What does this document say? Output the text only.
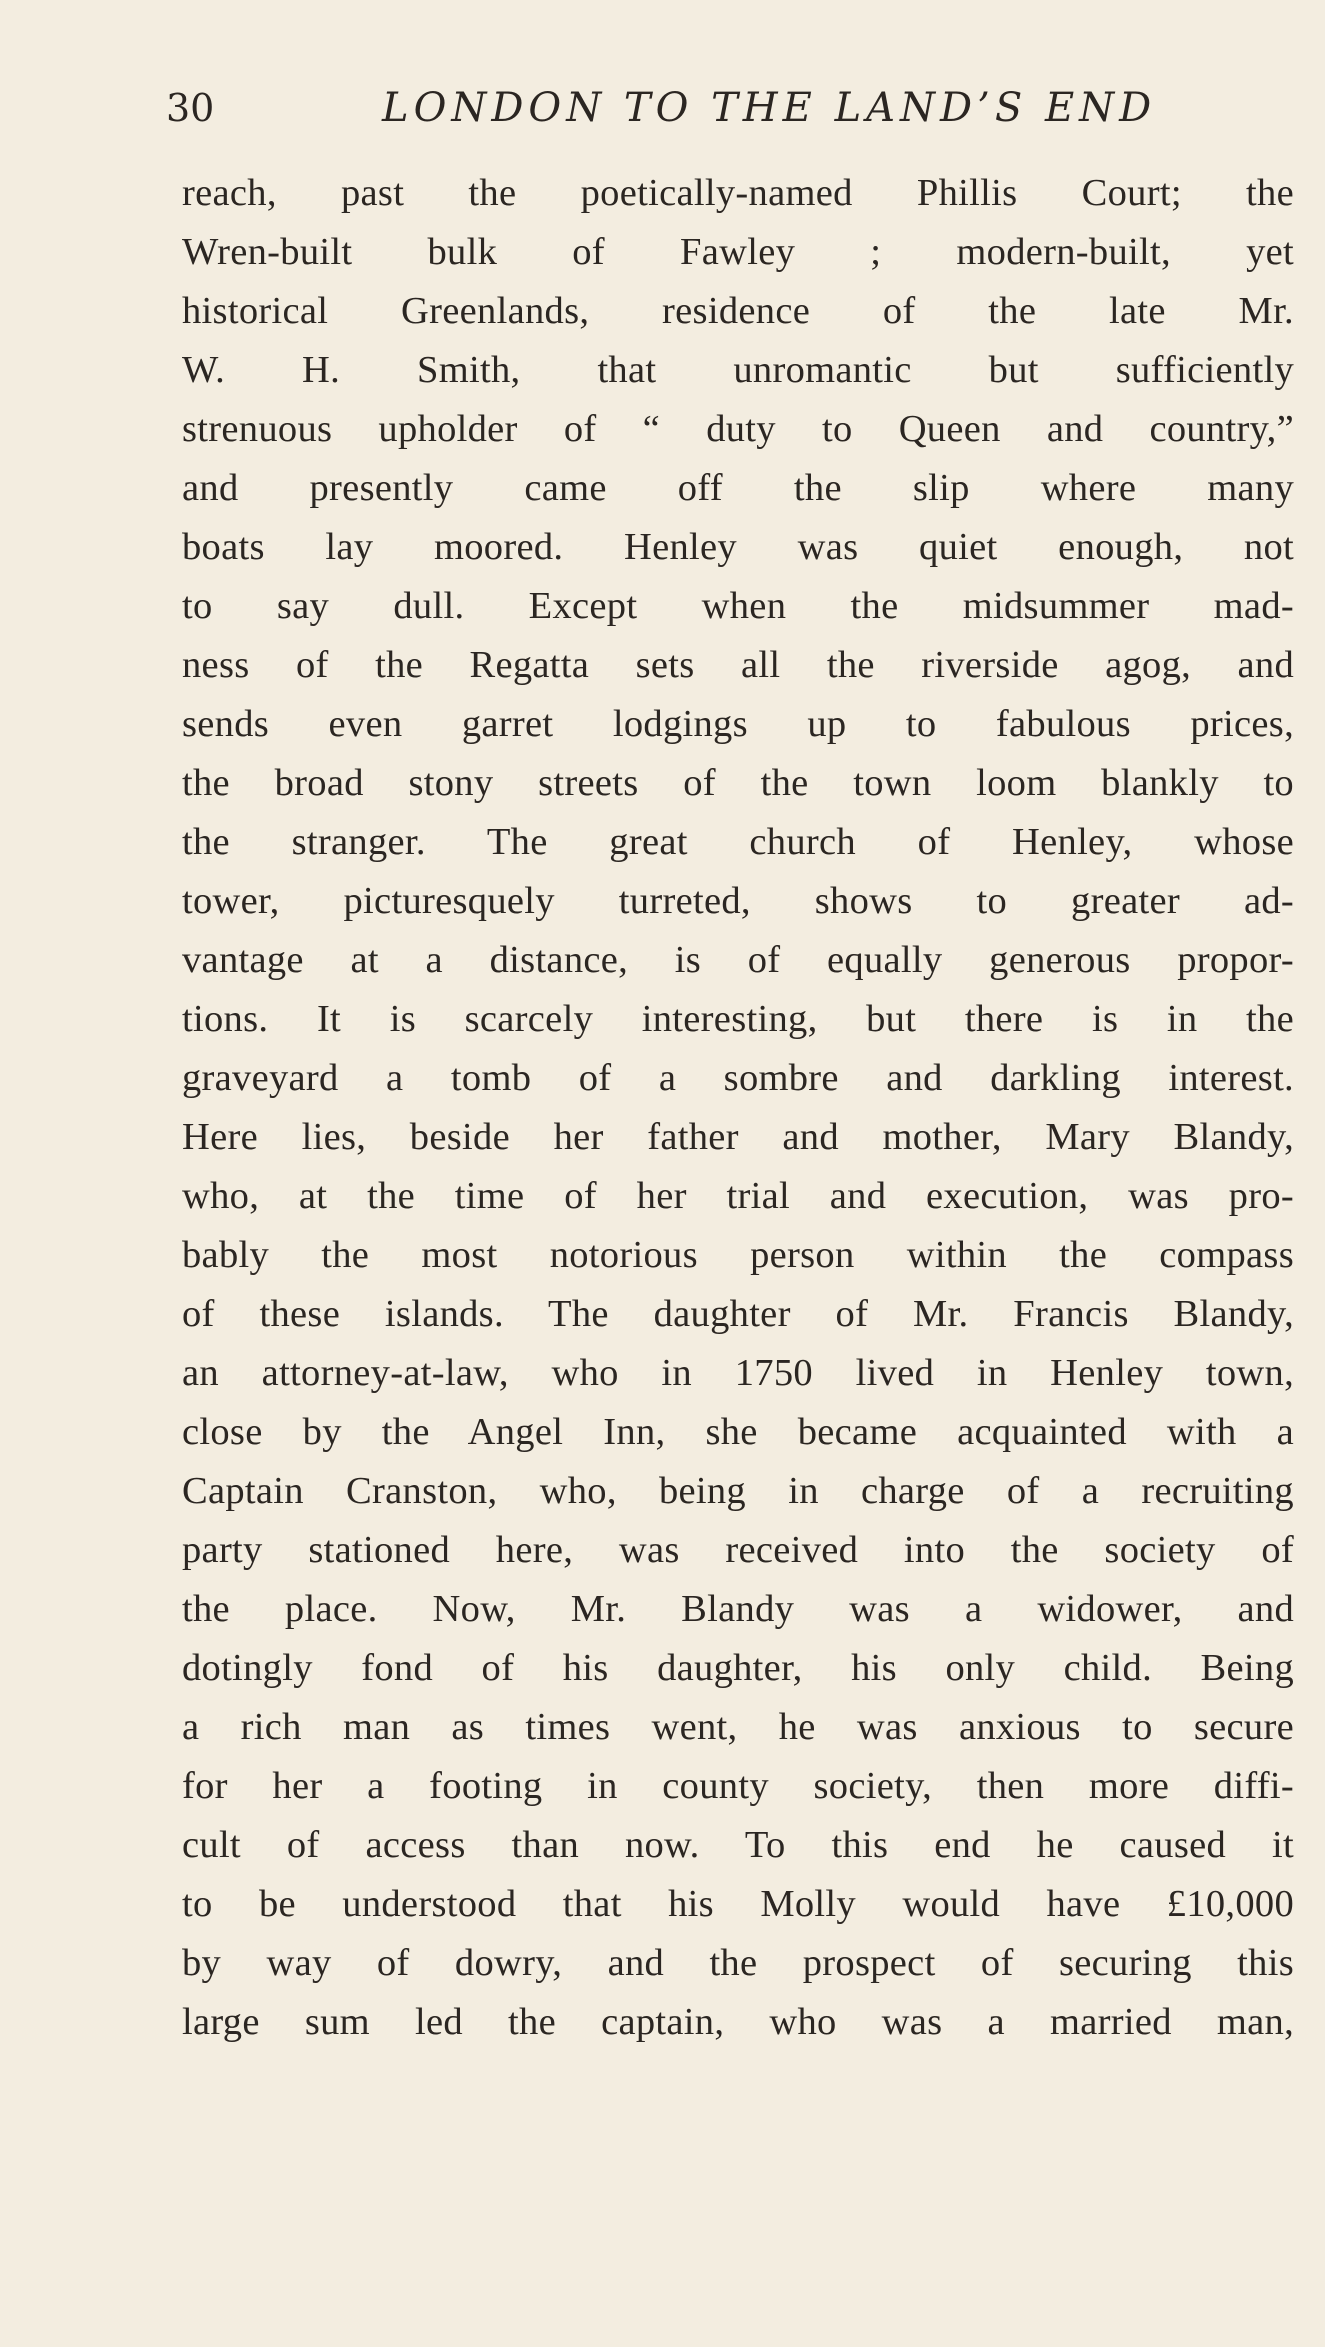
30	LONDON TO THE LAND’S END
reach, past the poetically-named Phillis Court; the
Wren-built bulk of Fawley ; modern-built, yet
historical Greenlands, residence of the late Mr.
W. H. Smith, that unromantic but sufficiently
strenuous upholder of “ duty to Queen and country,”
and presently came off the slip where many
boats lay moored. Henley was quiet enough, not
to say dull. Except when the midsummer mad-
ness of the Regatta sets all the riverside agog, and
sends even garret lodgings up to fabulous prices,
the broad stony streets of the town loom blankly to
the stranger. The great church of Henley, whose
tower, picturesquely turreted, shows to greater ad-
vantage at a distance, is of equally generous propor-
tions. It is scarcely interesting, but there is in the
graveyard a tomb of a sombre and darkling interest.
Here lies, beside her father and mother, Mary Blandy,
who, at the time of her trial and execution, was pro-
bably the most notorious person within the compass
of these islands. The daughter of Mr. Francis Blandy,
an attorney-at-law, who in 1750 lived in Henley town,
close by the Angel Inn, she became acquainted with a
Captain Cranston, who, being in charge of a recruiting
party stationed here, was received into the society of
the place. Now, Mr. Blandy was a widower, and
dotingly fond of his daughter, his only child. Being
a rich man as times went, he was anxious to secure
for her a footing in county society, then more diffi-
cult of access than now. To this end he caused it
to be understood that his Molly would have £10,000
by way of dowry, and the prospect of securing this
large sum led the captain, who was a married man,
